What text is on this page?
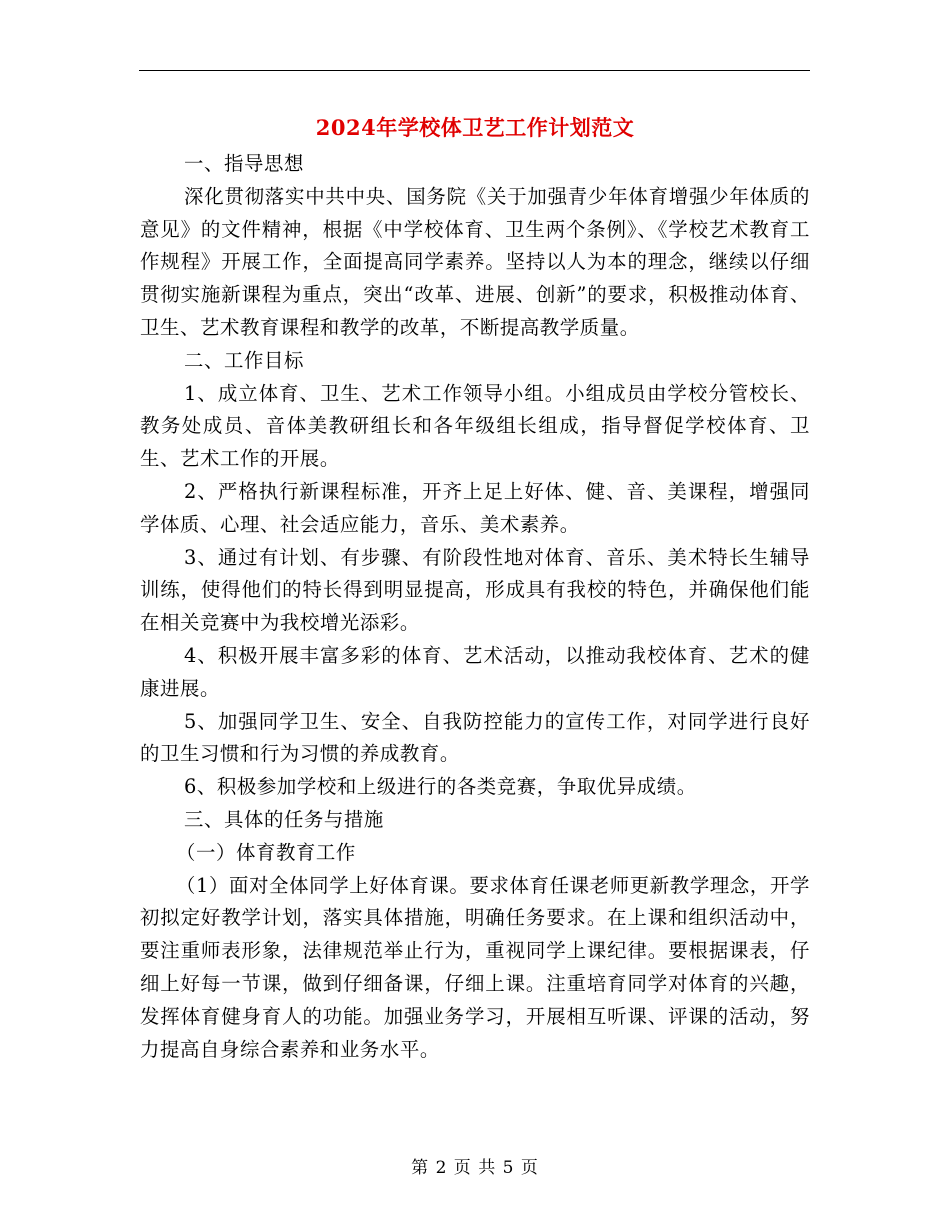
2024年学校体卫艺工作计划范文

一、指导思想

深化贯彻落实中共中央、国务院《关于加强青少年体育增强少年体质的意见》的文件精神，根据《中学校体育、卫生两个条例》、《学校艺术教育工作规程》开展工作，全面提高同学素养。坚持以人为本的理念，继续以仔细贯彻实施新课程为重点，突出“改革、进展、创新”的要求，积极推动体育、卫生、艺术教育课程和教学的改革，不断提高教学质量。

二、工作目标

1、成立体育、卫生、艺术工作领导小组。小组成员由学校分管校长、教务处成员、音体美教研组长和各年级组长组成，指导督促学校体育、卫生、艺术工作的开展。

2、严格执行新课程标准，开齐上足上好体、健、音、美课程，增强同学体质、心理、社会适应能力，音乐、美术素养。

3、通过有计划、有步骤、有阶段性地对体育、音乐、美术特长生辅导训练，使得他们的特长得到明显提高，形成具有我校的特色，并确保他们能在相关竞赛中为我校增光添彩。

4、积极开展丰富多彩的体育、艺术活动，以推动我校体育、艺术的健康进展。

5、加强同学卫生、安全、自我防控能力的宣传工作，对同学进行良好的卫生习惯和行为习惯的养成教育。

6、积极参加学校和上级进行的各类竞赛，争取优异成绩。

三、具体的任务与措施

（一）体育教育工作

（1）面对全体同学上好体育课。要求体育任课老师更新教学理念，开学初拟定好教学计划，落实具体措施，明确任务要求。在上课和组织活动中，要注重师表形象，法律规范举止行为，重视同学上课纪律。要根据课表，仔细上好每一节课，做到仔细备课，仔细上课。注重培育同学对体育的兴趣，发挥体育健身育人的功能。加强业务学习，开展相互听课、评课的活动，努力提高自身综合素养和业务水平。

第 2 页 共 5 页
